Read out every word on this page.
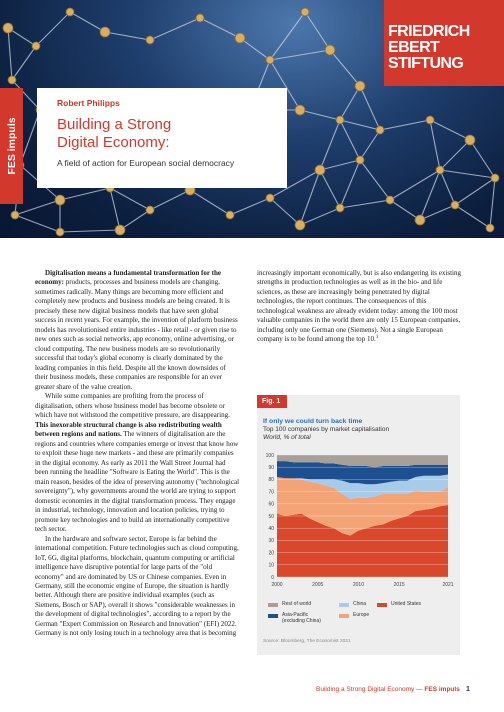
FRIEDRICH
EBERT
STIFTUNG
FES impuls
Robert Philipps
Building a Strong
Digital Economy:
A field of action for European social democracy

Digitalisation means a fundamental transformation for the economy: products, processes and business models are changing, sometimes radically. Many things are becoming more efficient and completely new products and business models are being created. It is precisely these new digital business models that have seen global success in recent years. For example, the invention of platform business models has revolutionised entire industries - like retail - or given rise to new ones such as social networks, app economy, online advertising, or cloud computing. The new business models are so revolutionarily successful that today's global economy is clearly dominated by the leading companies in this field. Despite all the known downsides of their business models, these companies are responsible for an ever greater share of the value creation.

While some companies are profiting from the process of digitalisation, others whose business model has become obsolete or which have not withstood the competitive pressure, are disappearing. This inexorable structural change is also redistributing wealth between regions and nations. The winners of digitalisation are the regions and countries where companies emerge or invest that know how to exploit these huge new markets - and these are primarily companies in the digital economy. As early as 2011 the Wall Street Journal had been running the headline "Software is Eating the World". This is the main reason, besides of the idea of preserving autonomy ("technological sovereignty"), why governments around the world are trying to support domestic economies in the digital transformation process. They engage in industrial, technology, innovation and location policies, trying to promote key technologies and to build an internationally competitive tech sector.

In the hardware and software sector, Europe is far behind the international competition. Future technologies such as cloud computing, IoT, 6G, digital platforms, blockchain, quantum computing or artificial intelligence have disruptive potential for large parts of the "old economy" and are dominated by US or Chinese companies. Even in Germany, still the economic engine of Europe, the situation is hardly better. Although there are positive individual examples (such as Siemens, Bosch or SAP), overall it shows "considerable weaknesses in the development of digital technologies", according to a report by the German "Expert Commission on Research and Innovation" (EFI) 2022. Germany is not only losing touch in a technology area that is becoming

increasingly important economically, but is also endangering its existing strengths in production technologies as well as in the bio- and life sciences, as these are increasingly being penetrated by digital technologies, the report continues. The consequences of this technological weakness are already evident today: among the 100 most valuable companies in the world there are only 15 European companies, including only one German one (Siemens). Not a single European company is to be found among the top 10.$^1$

Fig. 1
If only we could turn back time
Top 100 companies by market capitalisation
World, % of total
0
10
20
30
40
50
60
70
80
90
100
2000	2005	2010	2015	2021
Rest of world	China	United States
Asia-Pacific
(excluding China)
Europe
Source: Bloomberg, The Economist 2021
Building a Strong Digital Economy — FES impuls 1
